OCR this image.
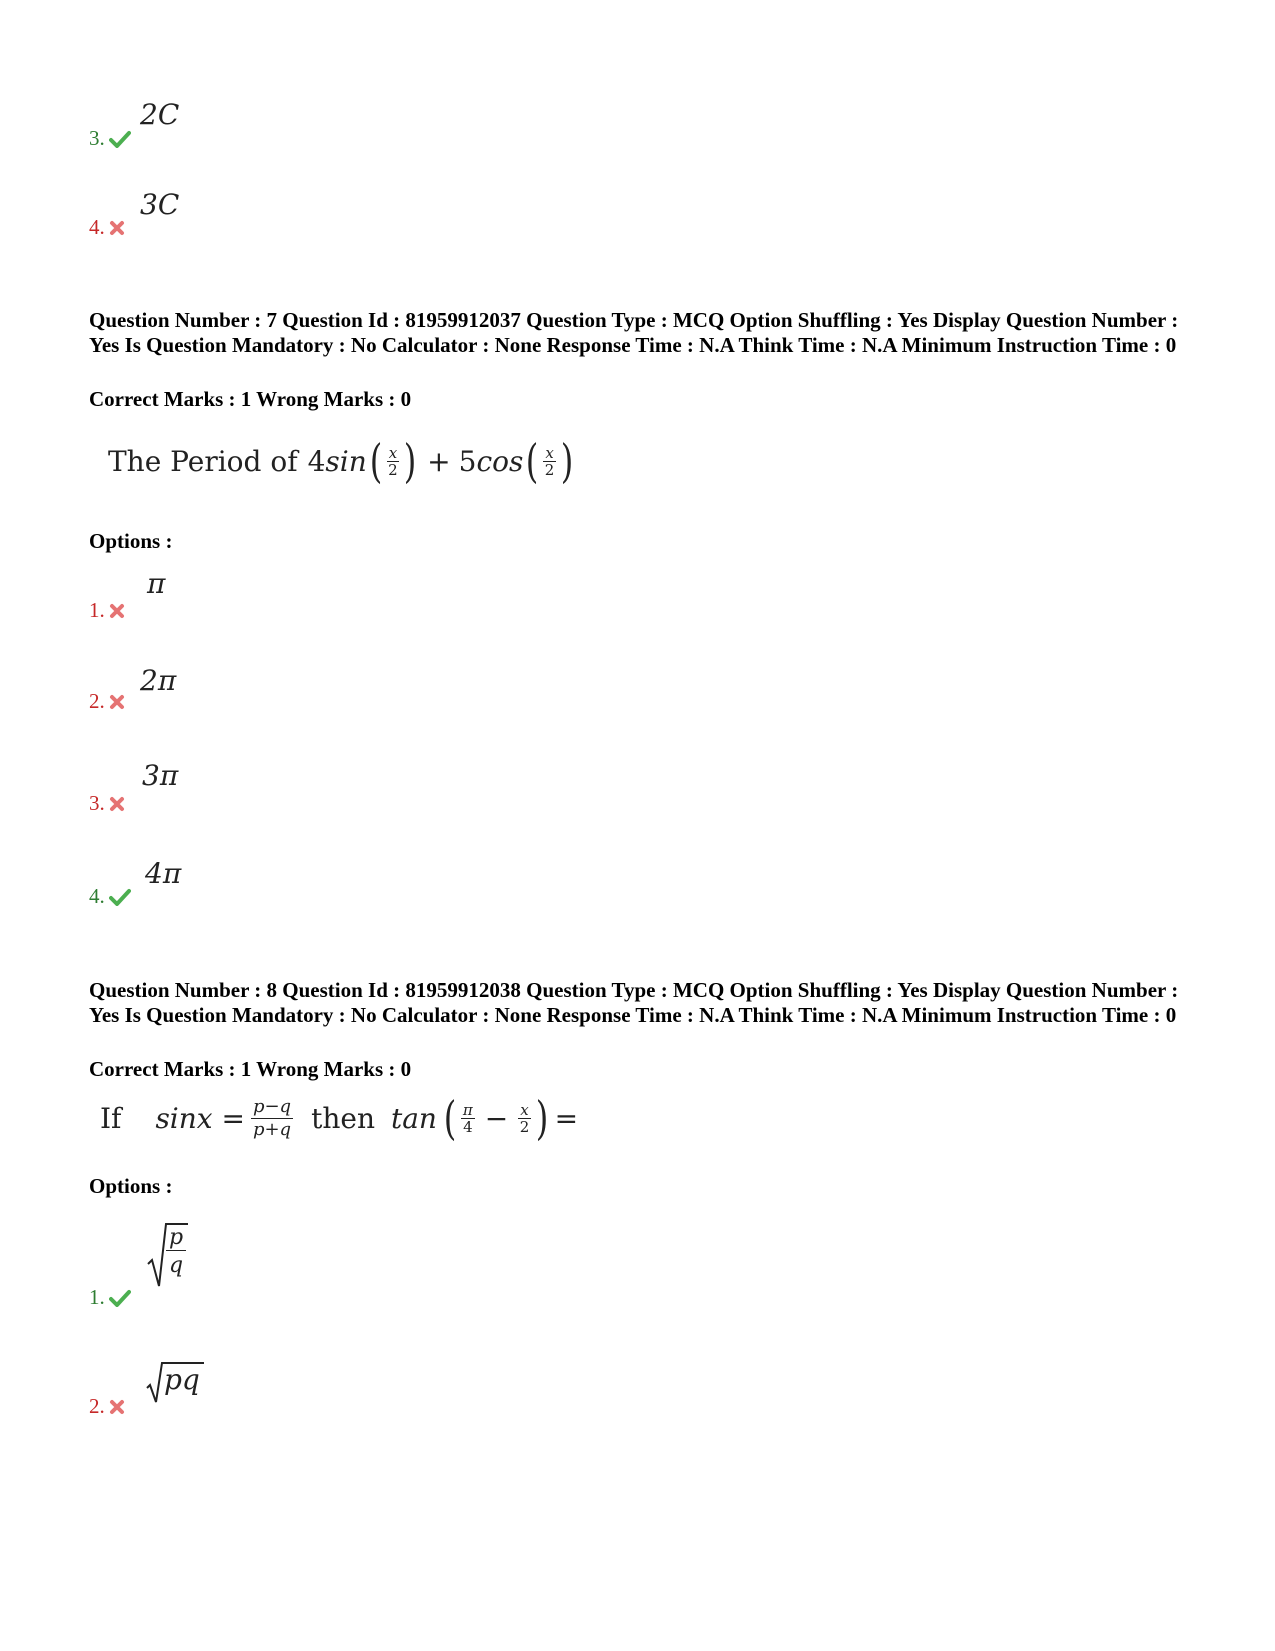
3.
2C
4.
3C
Question Number : 7 Question Id : 81959912037 Question Type : MCQ Option Shuffling : Yes Display Question Number : Yes Is Question Mandatory : No Calculator : None Response Time : N.A Think Time : N.A Minimum Instruction Time : 0
Correct Marks : 1 Wrong Marks : 0
The Period of 4 sin ( $\frac{x}{2}$ ) + 5 cos ( $\frac{x}{2}$ )
Options :
1.
π
2.
2π
3.
3π
4.
4π
Question Number : 8 Question Id : 81959912038 Question Type : MCQ Option Shuffling : Yes Display Question Number : Yes Is Question Mandatory : No Calculator : None Response Time : N.A Think Time : N.A Minimum Instruction Time : 0
Correct Marks : 1 Wrong Marks : 0
If $\sin x = \frac{p-q}{p+q}$ then tan ( $\frac{\pi}{4} - \frac{x}{2}$ ) =
Options :
1.
$\frac{p}{q}$
2.
pq
